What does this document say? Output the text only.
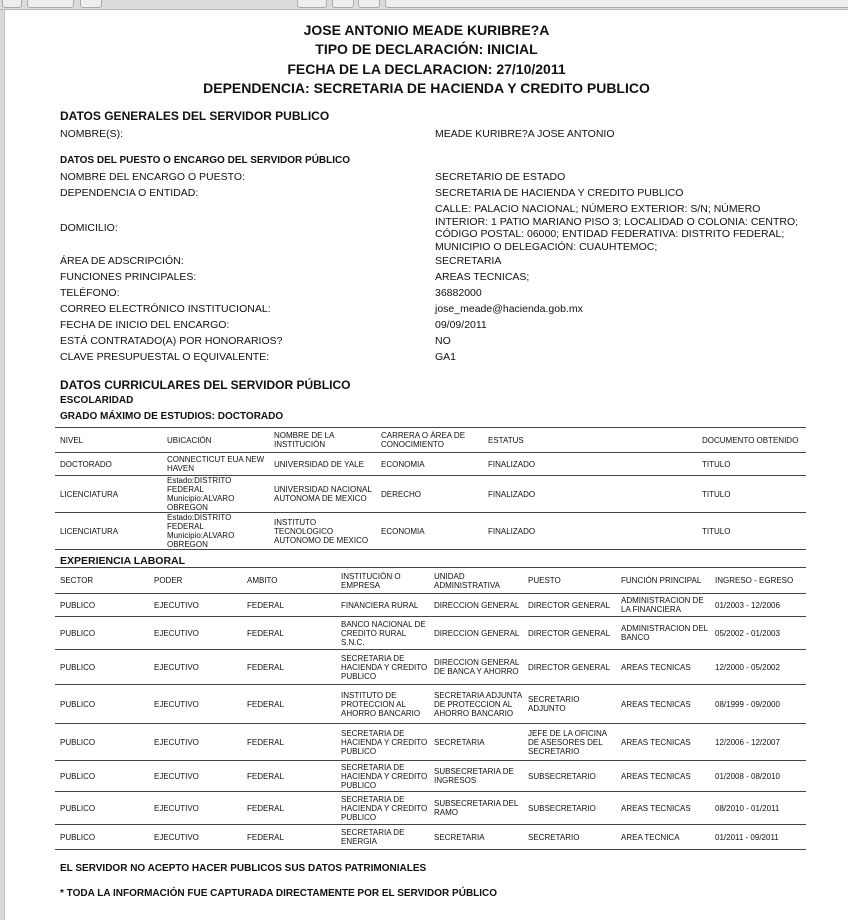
JOSE ANTONIO MEADE KURIBRE?A
TIPO DE DECLARACIÓN: INICIAL
FECHA DE LA DECLARACION: 27/10/2011
DEPENDENCIA: SECRETARIA DE HACIENDA Y CREDITO PUBLICO
DATOS GENERALES DEL SERVIDOR PUBLICO
NOMBRE(S):	MEADE KURIBRE?A JOSE ANTONIO
DATOS DEL PUESTO O ENCARGO DEL SERVIDOR PÚBLICO
NOMBRE DEL ENCARGO O PUESTO:	SECRETARIO DE ESTADO
DEPENDENCIA O ENTIDAD:	SECRETARIA DE HACIENDA Y CREDITO PUBLICO
DOMICILIO:
CALLE: PALACIO NACIONAL; NÚMERO EXTERIOR: S/N; NÚMERO INTERIOR: 1 PATIO MARIANO PISO 3; LOCALIDAD O COLONIA: CENTRO; CÓDIGO POSTAL: 06000; ENTIDAD FEDERATIVA: DISTRITO FEDERAL; MUNICIPIO O DELEGACIÓN: CUAUHTEMOC;
ÁREA DE ADSCRIPCIÓN:	SECRETARIA
FUNCIONES PRINCIPALES:	AREAS TECNICAS;
TELÉFONO:	36882000
CORREO ELECTRÓNICO INSTITUCIONAL:	jose_meade@hacienda.gob.mx
FECHA DE INICIO DEL ENCARGO:	09/09/2011
ESTÁ CONTRATADO(A) POR HONORARIOS?	NO
CLAVE PRESUPUESTAL O EQUIVALENTE:	GA1
DATOS CURRICULARES DEL SERVIDOR PÚBLICO
ESCOLARIDAD
GRADO MÁXIMO DE ESTUDIOS: DOCTORADO
NIVEL	UBICACIÓN	NOMBRE DE LA INSTITUCIÓN	CARRERA O ÁREA DE CONOCIMIENTO	ESTATUS	DOCUMENTO OBTENIDO
DOCTORADO	CONNECTICUT EUA NEW HAVEN	UNIVERSIDAD DE YALE	ECONOMIA	FINALIZADO	TITULO
LICENCIATURA	Estado:DISTRITO FEDERAL Municipio:ALVARO OBREGON	UNIVERSIDAD NACIONAL AUTONOMA DE MEXICO	DERECHO	FINALIZADO	TITULO
LICENCIATURA	Estado:DISTRITO FEDERAL Municipio:ALVARO OBREGON	INSTITUTO TECNOLOGICO AUTONOMO DE MEXICO	ECONOMIA	FINALIZADO	TITULO
EXPERIENCIA LABORAL
SECTOR	PODER	AMBITO	INSTITUCIÓN O EMPRESA	UNIDAD ADMINISTRATIVA	PUESTO	FUNCIÓN PRINCIPAL	INGRESO - EGRESO
PUBLICO	EJECUTIVO	FEDERAL	FINANCIERA RURAL	DIRECCION GENERAL	DIRECTOR GENERAL	ADMINISTRACION DE LA FINANCIERA	01/2003 - 12/2006
PUBLICO	EJECUTIVO	FEDERAL	BANCO NACIONAL DE CREDITO RURAL S.N.C.	DIRECCION GENERAL	DIRECTOR GENERAL	ADMINISTRACION DEL BANCO	05/2002 - 01/2003
PUBLICO	EJECUTIVO	FEDERAL	SECRETARIA DE HACIENDA Y CREDITO PUBLICO	DIRECCION GENERAL DE BANCA Y AHORRO	DIRECTOR GENERAL	AREAS TECNICAS	12/2000 - 05/2002
PUBLICO	EJECUTIVO	FEDERAL	INSTITUTO DE PROTECCION AL AHORRO BANCARIO	SECRETARIA ADJUNTA DE PROTECCION AL AHORRO BANCARIO	SECRETARIO ADJUNTO	AREAS TECNICAS	08/1999 - 09/2000
PUBLICO	EJECUTIVO	FEDERAL	SECRETARIA DE HACIENDA Y CREDITO PUBLICO	SECRETARIA	JEFE DE LA OFICINA DE ASESORES DEL SECRETARIO	AREAS TECNICAS	12/2006 - 12/2007
PUBLICO	EJECUTIVO	FEDERAL	SECRETARIA DE HACIENDA Y CREDITO PUBLICO	SUBSECRETARIA DE INGRESOS	SUBSECRETARIO	AREAS TECNICAS	01/2008 - 08/2010
PUBLICO	EJECUTIVO	FEDERAL	SECRETARIA DE HACIENDA Y CREDITO PUBLICO	SUBSECRETARIA DEL RAMO	SUBSECRETARIO	AREAS TECNICAS	08/2010 - 01/2011
PUBLICO	EJECUTIVO	FEDERAL	SECRETARIA DE ENERGIA	SECRETARIA	SECRETARIO	AREA TECNICA	01/2011 - 09/2011
EL SERVIDOR NO ACEPTO HACER PUBLICOS SUS DATOS PATRIMONIALES
* TODA LA INFORMACIÓN FUE CAPTURADA DIRECTAMENTE POR EL SERVIDOR PÚBLICO
